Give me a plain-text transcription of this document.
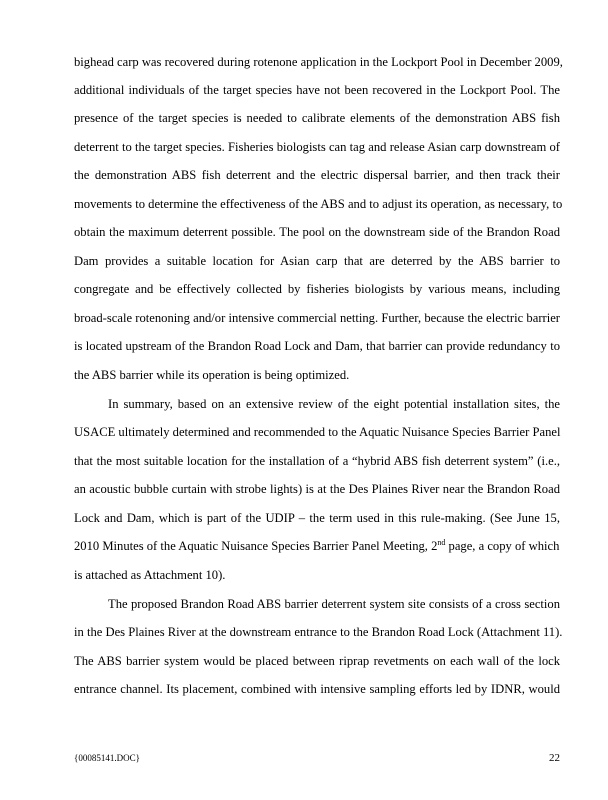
bighead carp was recovered during rotenone application in the Lockport Pool in December 2009,
additional individuals of the target species have not been recovered in the Lockport Pool. The
presence of the target species is needed to calibrate elements of the demonstration ABS fish
deterrent to the target species. Fisheries biologists can tag and release Asian carp downstream of
the demonstration ABS fish deterrent and the electric dispersal barrier, and then track their
movements to determine the effectiveness of the ABS and to adjust its operation, as necessary, to
obtain the maximum deterrent possible. The pool on the downstream side of the Brandon Road
Dam provides a suitable location for Asian carp that are deterred by the ABS barrier to
congregate and be effectively collected by fisheries biologists by various means, including
broad-scale rotenoning and/or intensive commercial netting. Further, because the electric barrier
is located upstream of the Brandon Road Lock and Dam, that barrier can provide redundancy to
the ABS barrier while its operation is being optimized.
In summary, based on an extensive review of the eight potential installation sites, the
USACE ultimately determined and recommended to the Aquatic Nuisance Species Barrier Panel
that the most suitable location for the installation of a “hybrid ABS fish deterrent system” (i.e.,
an acoustic bubble curtain with strobe lights) is at the Des Plaines River near the Brandon Road
Lock and Dam, which is part of the UDIP – the term used in this rule-making. (See June 15,
2010 Minutes of the Aquatic Nuisance Species Barrier Panel Meeting, 2nd page, a copy of which
is attached as Attachment 10).
The proposed Brandon Road ABS barrier deterrent system site consists of a cross section
in the Des Plaines River at the downstream entrance to the Brandon Road Lock (Attachment 11).
The ABS barrier system would be placed between riprap revetments on each wall of the lock
entrance channel. Its placement, combined with intensive sampling efforts led by IDNR, would
{00085141.DOC}	22
